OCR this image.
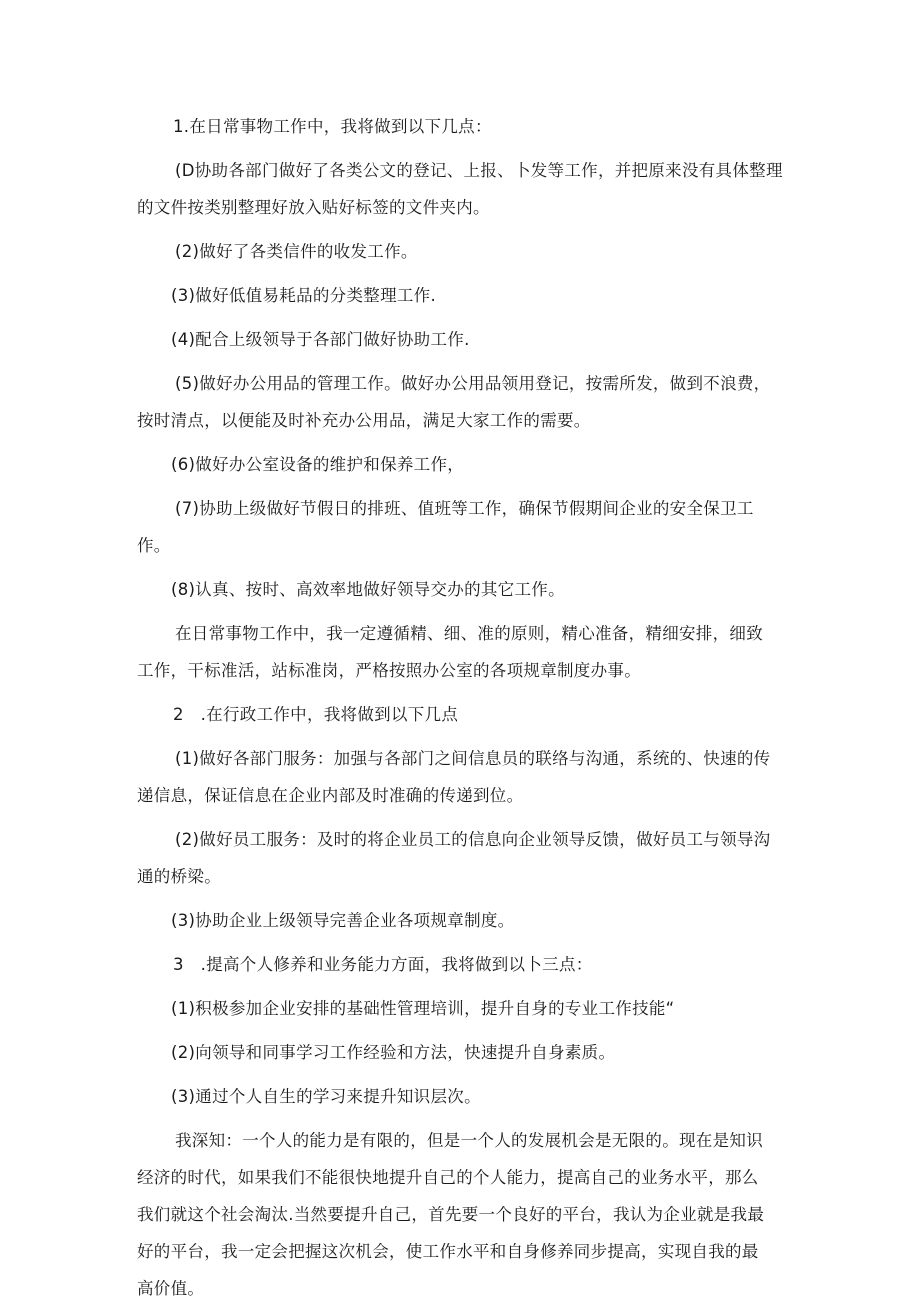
1.在日常事物工作中，我将做到以下几点：

(D协助各部门做好了各类公文的登记、上报、卜发等工作，并把原来没有具体整理

的文件按类别整理好放入贴好标签的文件夹内。

(2)做好了各类信件的收发工作。

(3)做好低值易耗品的分类整理工作.

(4)配合上级领导于各部门做好协助工作.

(5)做好办公用品的管理工作。做好办公用品领用登记，按需所发，做到不浪费，

按时清点，以便能及时补充办公用品，满足大家工作的需要。

(6)做好办公室设备的维护和保养工作，

(7)协助上级做好节假日的排班、值班等工作，确保节假期间企业的安全保卫工

作。

(8)认真、按时、高效率地做好领导交办的其它工作。

在日常事物工作中，我一定遵循精、细、准的原则，精心准备，精细安排，细致

工作，干标准活，站标准岗，严格按照办公室的各项规章制度办事。

2　.在行政工作中，我将做到以下几点

(1)做好各部门服务：加强与各部门之间信息员的联络与沟通，系统的、快速的传

递信息，保证信息在企业内部及时准确的传递到位。

(2)做好员工服务：及时的将企业员工的信息向企业领导反馈，做好员工与领导沟

通的桥梁。

(3)协助企业上级领导完善企业各项规章制度。

3　.提高个人修养和业务能力方面，我将做到以卜三点：

(1)积极参加企业安排的基础性管理培训，提升自身的专业工作技能“

(2)向领导和同事学习工作经验和方法，快速提升自身素质。

(3)通过个人自生的学习来提升知识层次。

我深知：一个人的能力是有限的，但是一个人的发展机会是无限的。现在是知识

经济的时代，如果我们不能很快地提升自己的个人能力，提高自己的业务水平，那么

我们就这个社会淘汰.当然要提升自己，首先要一个良好的平台，我认为企业就是我最

好的平台，我一定会把握这次机会，使工作水平和自身修养同步提高，实现自我的最

高价值。
